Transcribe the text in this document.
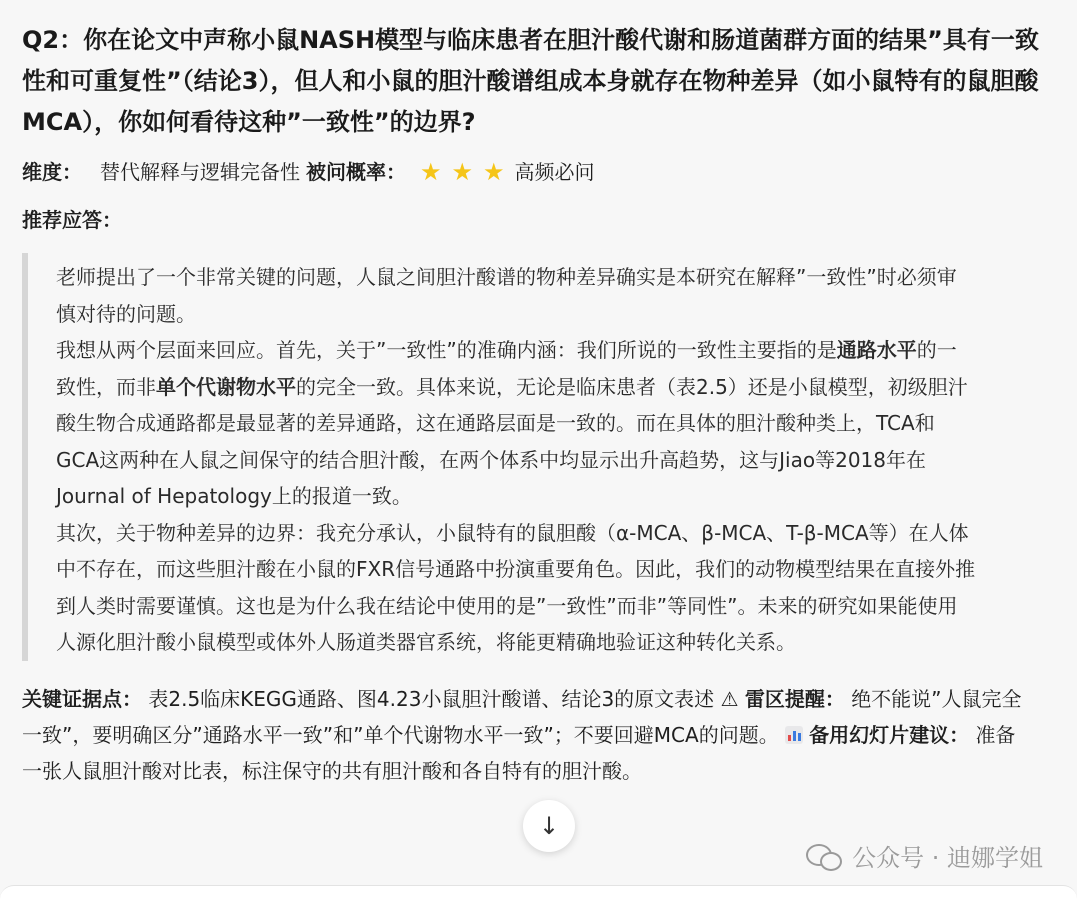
Q2：你在论文中声称小鼠NASH模型与临床患者在胆汁酸代谢和肠道菌群方面的结果”具有一致性和可重复性”（结论3），但人和小鼠的胆汁酸谱组成本身就存在物种差异（如小鼠特有的鼠胆酸MCA），你如何看待这种”一致性”的边界?
维度： 替代解释与逻辑完备性 被问概率： ★ ★ ★ 高频必问
推荐应答：

老师提出了一个非常关键的问题，人鼠之间胆汁酸谱的物种差异确实是本研究在解释”一致性”时必须审慎对待的问题。

我想从两个层面来回应。首先，关于”一致性”的准确内涵：我们所说的一致性主要指的是通路水平的一致性，而非单个代谢物水平的完全一致。具体来说，无论是临床患者（表2.5）还是小鼠模型，初级胆汁酸生物合成通路都是最显著的差异通路，这在通路层面是一致的。而在具体的胆汁酸种类上，TCA和GCA这两种在人鼠之间保守的结合胆汁酸，在两个体系中均显示出升高趋势，这与Jiao等2018年在Journal of Hepatology上的报道一致。

其次，关于物种差异的边界：我充分承认，小鼠特有的鼠胆酸（α-MCA、β-MCA、T-β-MCA等）在人体中不存在，而这些胆汁酸在小鼠的FXR信号通路中扮演重要角色。因此，我们的动物模型结果在直接外推到人类时需要谨慎。这也是为什么我在结论中使用的是”一致性”而非”等同性”。未来的研究如果能使用人源化胆汁酸小鼠模型或体外人肠道类器官系统，将能更精确地验证这种转化关系。

关键证据点： 表2.5临床KEGG通路、图4.23小鼠胆汁酸谱、结论3的原文表述 ⚠ 雷区提醒： 绝不能说”人鼠完全一致”，要明确区分”通路水平一致”和”单个代谢物水平一致”；不要回避MCA的问题。 备用幻灯片建议： 准备一张人鼠胆汁酸对比表，标注保守的共有胆汁酸和各自特有的胆汁酸。
↓
公众号 · 迪娜学姐
